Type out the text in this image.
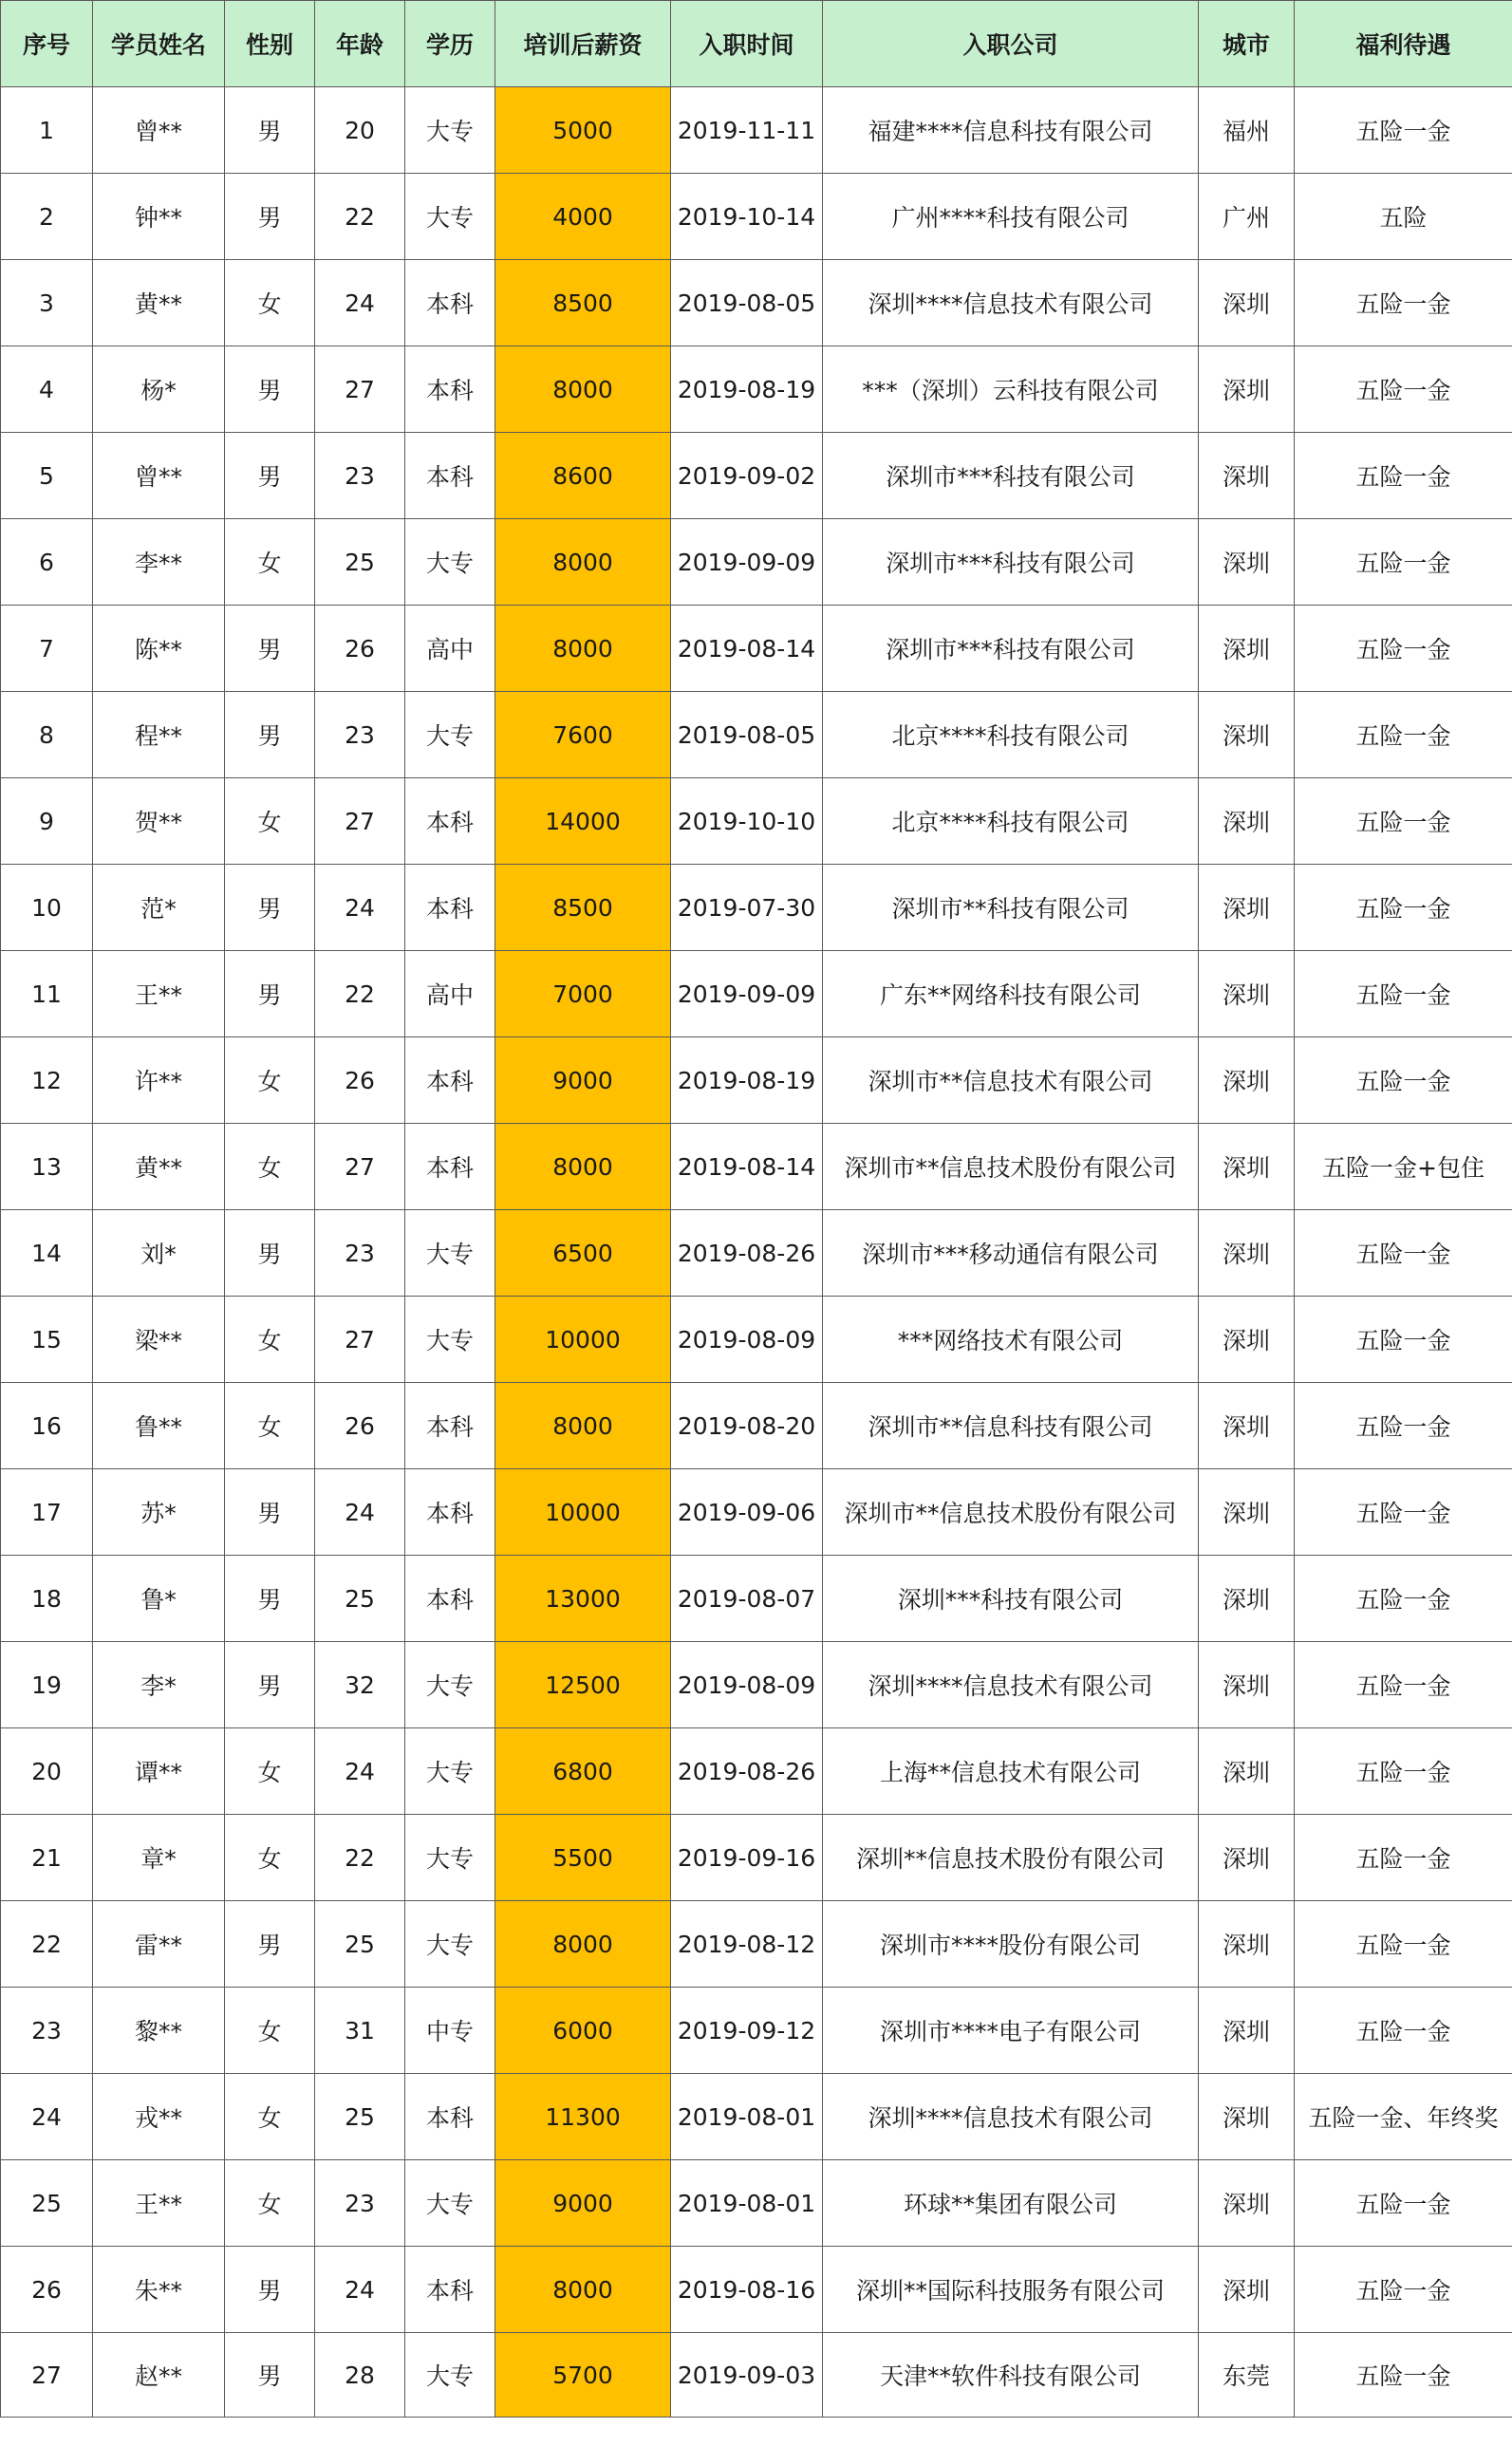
序号	学员姓名	性别	年龄	学历	培训后薪资	入职时间	入职公司	城市	福利待遇
1	曾**	男	20	大专	5000	2019-11-11	福建****信息科技有限公司	福州	五险一金
2	钟**	男	22	大专	4000	2019-10-14	广州****科技有限公司	广州	五险
3	黄**	女	24	本科	8500	2019-08-05	深圳****信息技术有限公司	深圳	五险一金
4	杨*	男	27	本科	8000	2019-08-19	***（深圳）云科技有限公司	深圳	五险一金
5	曾**	男	23	本科	8600	2019-09-02	深圳市***科技有限公司	深圳	五险一金
6	李**	女	25	大专	8000	2019-09-09	深圳市***科技有限公司	深圳	五险一金
7	陈**	男	26	高中	8000	2019-08-14	深圳市***科技有限公司	深圳	五险一金
8	程**	男	23	大专	7600	2019-08-05	北京****科技有限公司	深圳	五险一金
9	贺**	女	27	本科	14000	2019-10-10	北京****科技有限公司	深圳	五险一金
10	范*	男	24	本科	8500	2019-07-30	深圳市**科技有限公司	深圳	五险一金
11	王**	男	22	高中	7000	2019-09-09	广东**网络科技有限公司	深圳	五险一金
12	许**	女	26	本科	9000	2019-08-19	深圳市**信息技术有限公司	深圳	五险一金
13	黄**	女	27	本科	8000	2019-08-14	深圳市**信息技术股份有限公司	深圳	五险一金+包住
14	刘*	男	23	大专	6500	2019-08-26	深圳市***移动通信有限公司	深圳	五险一金
15	梁**	女	27	大专	10000	2019-08-09	***网络技术有限公司	深圳	五险一金
16	鲁**	女	26	本科	8000	2019-08-20	深圳市**信息科技有限公司	深圳	五险一金
17	苏*	男	24	本科	10000	2019-09-06	深圳市**信息技术股份有限公司	深圳	五险一金
18	鲁*	男	25	本科	13000	2019-08-07	深圳***科技有限公司	深圳	五险一金
19	李*	男	32	大专	12500	2019-08-09	深圳****信息技术有限公司	深圳	五险一金
20	谭**	女	24	大专	6800	2019-08-26	上海**信息技术有限公司	深圳	五险一金
21	章*	女	22	大专	5500	2019-09-16	深圳**信息技术股份有限公司	深圳	五险一金
22	雷**	男	25	大专	8000	2019-08-12	深圳市****股份有限公司	深圳	五险一金
23	黎**	女	31	中专	6000	2019-09-12	深圳市****电子有限公司	深圳	五险一金
24	戎**	女	25	本科	11300	2019-08-01	深圳****信息技术有限公司	深圳	五险一金、年终奖
25	王**	女	23	大专	9000	2019-08-01	环球**集团有限公司	深圳	五险一金
26	朱**	男	24	本科	8000	2019-08-16	深圳**国际科技服务有限公司	深圳	五险一金
27	赵**	男	28	大专	5700	2019-09-03	天津**软件科技有限公司	东莞	五险一金
